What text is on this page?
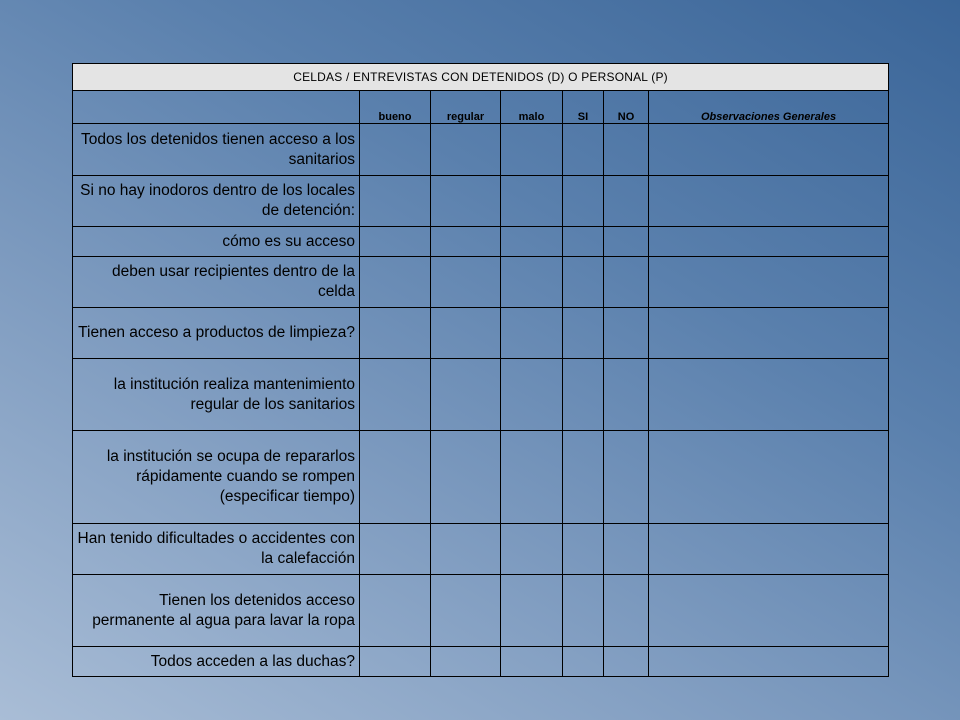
CELDAS / ENTREVISTAS CON DETENIDOS (D) O PERSONAL (P)						
	bueno	regular	malo	SI	NO	Observaciones Generales
Todos los detenidos tienen acceso a los sanitarios						
Si no hay inodoros dentro de los locales de detención:						
cómo es su acceso						
deben usar recipientes dentro de la celda						
Tienen acceso a productos de limpieza?						
la institución realiza mantenimiento regular de los sanitarios						
la institución se ocupa de repararlos rápidamente cuando se rompen (especificar tiempo)						
Han tenido dificultades o accidentes con la calefacción						
Tienen los detenidos acceso permanente al agua para lavar la ropa						
Todos acceden a las duchas?						
